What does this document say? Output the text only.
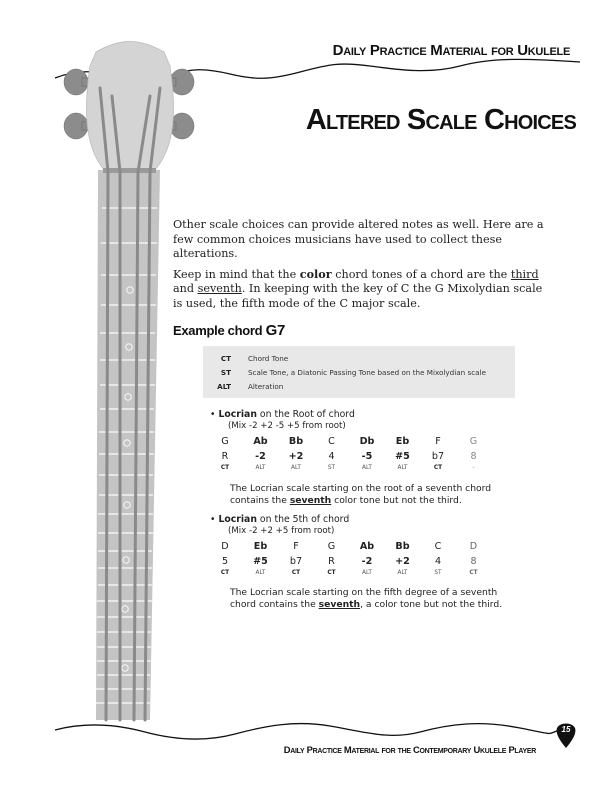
Daily Practice Material for Ukulele
Altered Scale Choices

Other scale choices can provide altered notes as well. Here are a few common choices musicians have used to collect these alterations.

Keep in mind that the color chord tones of a chord are the third and seventh. In keeping with the key of C the G Mixolydian scale is used, the fifth mode of the C major scale.

Example chord G7
CT Chord Tone
ST Scale Tone, a Diatonic Passing Tone based on the Mixolydian scale
ALT Alteration
• Locrian on the Root of chord
(Mix -2 +2 -5 +5 from root)
G	Ab	Bb	C	Db	Eb	F	G
R	-2	+2	4	-5	#5	b7	8
CT	ALT	ALT	ST	ALT	ALT	CT	-
The Locrian scale starting on the root of a seventh chord contains the seventh color tone but not the third.
• Locrian on the 5th of chord
(Mix -2 +2 +5 from root)
D	Eb	F	G	Ab	Bb	C	D
5	#5	b7	R	-2	+2	4	8
CT	ALT	CT	CT	ALT	ALT	ST	CT
The Locrian scale starting on the fifth degree of a seventh chord contains the seventh, a color tone but not the third.
Daily Practice Material for the Contemporary Ukulele Player
15
